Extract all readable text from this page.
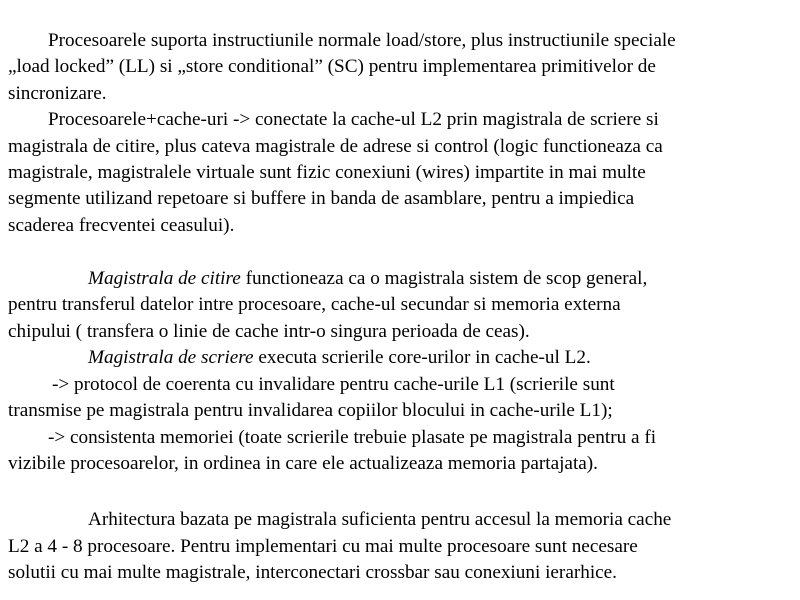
Procesoarele suporta instructiunile normale load/store, plus instructiunile speciale
„load locked” (LL) si „store conditional” (SC) pentru implementarea primitivelor de
sincronizare.
Procesoarele+cache-uri -> conectate la cache-ul L2 prin magistrala de scriere si
magistrala de citire, plus cateva magistrale de adrese si control (logic functioneaza ca
magistrale, magistralele virtuale sunt fizic conexiuni (wires) impartite in mai multe
segmente utilizand repetoare si buffere in banda de asamblare, pentru a impiedica
scaderea frecventei ceasului).
Magistrala de citire functioneaza ca o magistrala sistem de scop general,
pentru transferul datelor intre procesoare, cache-ul secundar si memoria externa
chipului ( transfera o linie de cache intr-o singura perioada de ceas).
Magistrala de scriere executa scrierile core-urilor in cache-ul L2.
-> protocol de coerenta cu invalidare pentru cache-urile L1 (scrierile sunt
transmise pe magistrala pentru invalidarea copiilor blocului in cache-urile L1);
-> consistenta memoriei (toate scrierile trebuie plasate pe magistrala pentru a fi
vizibile procesoarelor, in ordinea in care ele actualizeaza memoria partajata).
Arhitectura bazata pe magistrala suficienta pentru accesul la memoria cache
L2 a 4 - 8 procesoare. Pentru implementari cu mai multe procesoare sunt necesare
solutii cu mai multe magistrale, interconectari crossbar sau conexiuni ierarhice.
